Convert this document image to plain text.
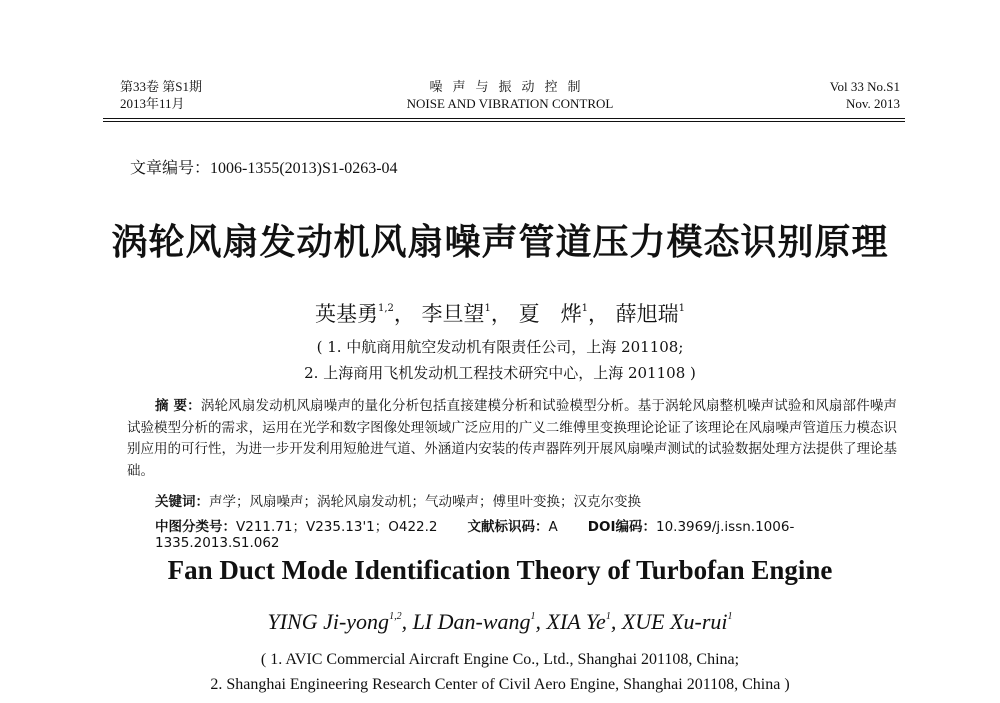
第33卷 第S1期
2013年11月
噪声与振动控制
NOISE AND VIBRATION CONTROL
Vol 33 No.S1
Nov. 2013
文章编号：1006-1355(2013)S1-0263-04
涡轮风扇发动机风扇噪声管道压力模态识别原理
英基勇$^{1,2}$， 李旦望$^1$， 夏　烨$^1$， 薛旭瑞$^1$
( 1. 中航商用航空发动机有限责任公司，上海 201108;
2. 上海商用飞机发动机工程技术研究中心，上海 201108 )
摘 要：涡轮风扇发动机风扇噪声的量化分析包括直接建模分析和试验模型分析。基于涡轮风扇整机噪声试验和风扇部件噪声试验模型分析的需求，运用在光学和数字图像处理领域广泛应用的广义二维傅里变换理论论证了该理论在风扇噪声管道压力模态识别应用的可行性，为进一步开发利用短舱进气道、外涵道内安装的传声器阵列开展风扇噪声测试的试验数据处理方法提供了理论基础。
关键词：声学；风扇噪声；涡轮风扇发动机；气动噪声；傅里叶变换；汉克尔变换
中图分类号：V211.71；V235.13'1；O422.2 文献标识码：A DOI编码：10.3969/j.issn.1006-1335.2013.S1.062
Fan Duct Mode Identification Theory of Turbofan Engine
YING Ji-yong$^{1,2}$, LI Dan-wang$^1$, XIA Ye$^1$, XUE Xu-rui$^1$
( 1. AVIC Commercial Aircraft Engine Co., Ltd., Shanghai 201108, China;
2. Shanghai Engineering Research Center of Civil Aero Engine, Shanghai 201108, China )
